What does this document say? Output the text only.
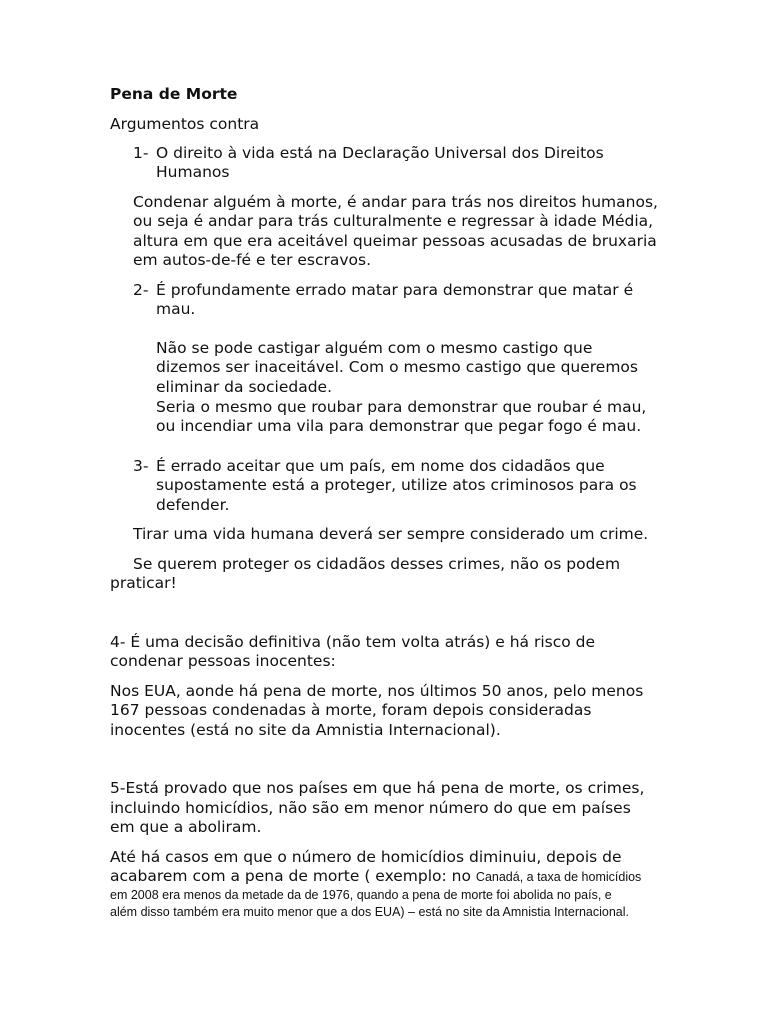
Pena de Morte
Argumentos contra
1- O direito à vida está na Declaração Universal dos Direitos
Humanos
Condenar alguém à morte, é andar para trás nos direitos humanos,
ou seja é andar para trás culturalmente e regressar à idade Média,
altura em que era aceitável queimar pessoas acusadas de bruxaria
em autos-de-fé e ter escravos.
2- É profundamente errado matar para demonstrar que matar é
mau.
Não se pode castigar alguém com o mesmo castigo que
dizemos ser inaceitável. Com o mesmo castigo que queremos
eliminar da sociedade.
Seria o mesmo que roubar para demonstrar que roubar é mau,
ou incendiar uma vila para demonstrar que pegar fogo é mau.
3- É errado aceitar que um país, em nome dos cidadãos que
supostamente está a proteger, utilize atos criminosos para os
defender.
Tirar uma vida humana deverá ser sempre considerado um crime.
Se querem proteger os cidadãos desses crimes, não os podem
praticar!
4- É uma decisão definitiva (não tem volta atrás) e há risco de
condenar pessoas inocentes:
Nos EUA, aonde há pena de morte, nos últimos 50 anos, pelo menos
167 pessoas condenadas à morte, foram depois consideradas
inocentes (está no site da Amnistia Internacional).
5-Está provado que nos países em que há pena de morte, os crimes,
incluindo homicídios, não são em menor número do que em países
em que a aboliram.
Até há casos em que o número de homicídios diminuiu, depois de
acabarem com a pena de morte ( exemplo: no Canadá, a taxa de homicídios
em 2008 era menos da metade da de 1976, quando a pena de morte foi abolida no país, e
além disso também era muito menor que a dos EUA) – está no site da Amnistia Internacional.
